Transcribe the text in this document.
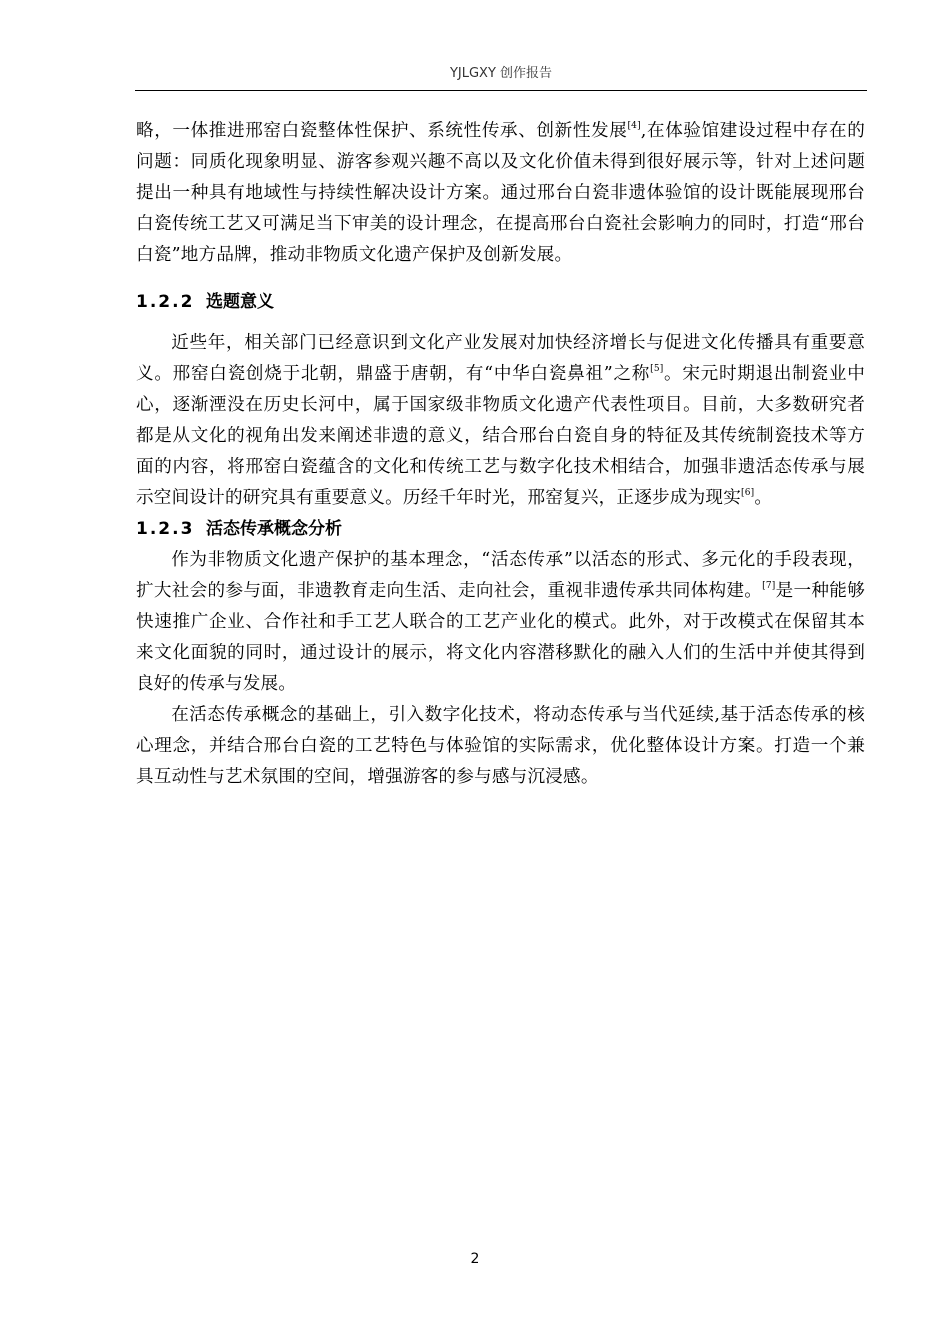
YJLGXY 创作报告

略，一体推进邢窑白瓷整体性保护、系统性传承、创新性发展[4],在体验馆建设过程中存在的问题：同质化现象明显、游客参观兴趣不高以及文化价值未得到很好展示等，针对上述问题提出一种具有地域性与持续性解决设计方案。通过邢台白瓷非遗体验馆的设计既能展现邢台白瓷传统工艺又可满足当下审美的设计理念，在提高邢台白瓷社会影响力的同时，打造“邢台白瓷”地方品牌，推动非物质文化遗产保护及创新发展。

1.2.2 选题意义

近些年，相关部门已经意识到文化产业发展对加快经济增长与促进文化传播具有重要意义。邢窑白瓷创烧于北朝，鼎盛于唐朝，有“中华白瓷鼻祖”之称[5]。宋元时期退出制瓷业中心，逐渐湮没在历史长河中，属于国家级非物质文化遗产代表性项目。目前，大多数研究者都是从文化的视角出发来阐述非遗的意义，结合邢台白瓷自身的特征及其传统制瓷技术等方面的内容，将邢窑白瓷蕴含的文化和传统工艺与数字化技术相结合，加强非遗活态传承与展示空间设计的研究具有重要意义。历经千年时光，邢窑复兴，正逐步成为现实[6]。

1.2.3 活态传承概念分析

作为非物质文化遗产保护的基本理念，“活态传承”以活态的形式、多元化的手段表现，扩大社会的参与面，非遗教育走向生活、走向社会，重视非遗传承共同体构建。[7]是一种能够快速推广企业、合作社和手工艺人联合的工艺产业化的模式。此外，对于改模式在保留其本来文化面貌的同时，通过设计的展示，将文化内容潜移默化的融入人们的生活中并使其得到良好的传承与发展。

在活态传承概念的基础上，引入数字化技术，将动态传承与当代延续,基于活态传承的核心理念，并结合邢台白瓷的工艺特色与体验馆的实际需求，优化整体设计方案。打造一个兼具互动性与艺术氛围的空间，增强游客的参与感与沉浸感。

2
